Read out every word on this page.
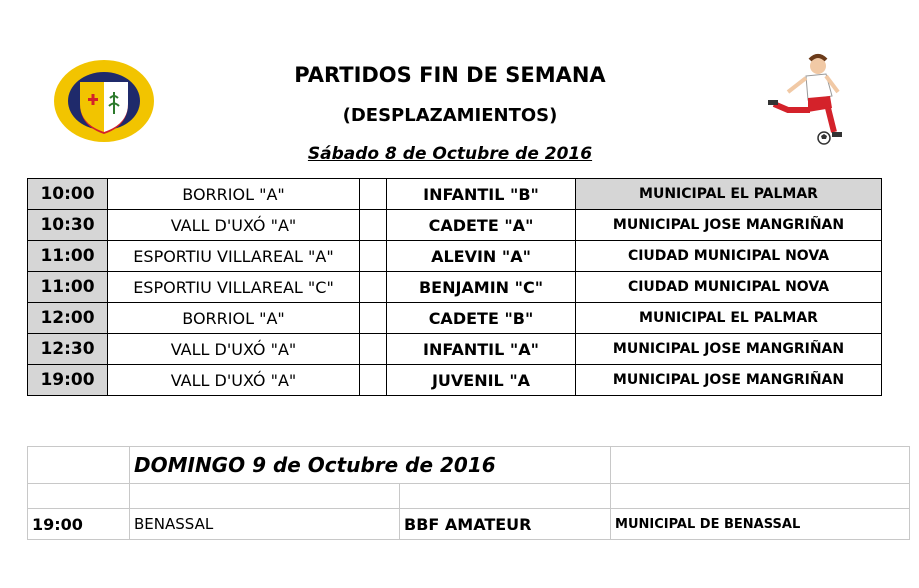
PARTIDOS FIN DE SEMANA
(DESPLAZAMIENTOS)
Sábado 8 de Octubre de 2016
10:00	BORRIOL "A"		INFANTIL "B"	MUNICIPAL EL PALMAR
10:30	VALL D'UXÓ "A"		CADETE "A"	MUNICIPAL JOSE MANGRIÑAN
11:00	ESPORTIU VILLAREAL "A"		ALEVIN "A"	CIUDAD MUNICIPAL NOVA
11:00	ESPORTIU VILLAREAL "C"		BENJAMIN "C"	CIUDAD MUNICIPAL NOVA
12:00	BORRIOL "A"		CADETE "B"	MUNICIPAL EL PALMAR
12:30	VALL D'UXÓ "A"		INFANTIL "A"	MUNICIPAL JOSE MANGRIÑAN
19:00	VALL D'UXÓ "A"		JUVENIL "A	MUNICIPAL JOSE MANGRIÑAN
	DOMINGO 9 de Octubre de 2016		

19:00	BENASSAL	BBF AMATEUR	MUNICIPAL DE BENASSAL
